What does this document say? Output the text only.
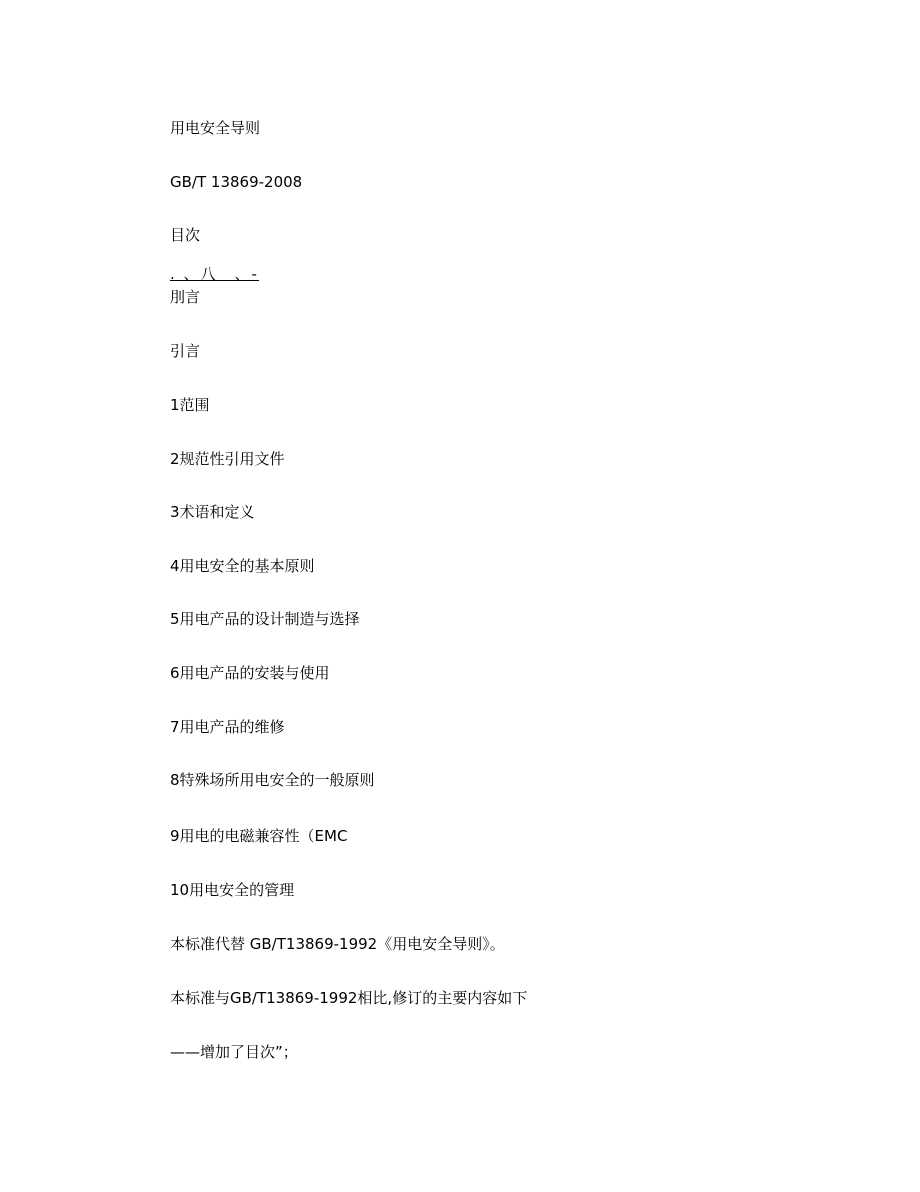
用电安全导则
GB/T 13869-2008
目次
. 、八　、-
刖言
引言
1范围
2规范性引用文件
3术语和定义
4用电安全的基本原则
5用电产品的设计制造与选择
6用电产品的安装与使用
7用电产品的维修
8特殊场所用电安全的一般原则
9用电的电磁兼容性（EMC
10用电安全的管理
本标准代替 GB/T13869-1992《用电安全导则》。
本标准与GB/T13869-1992相比,修订的主要内容如下
——增加了目次”；
